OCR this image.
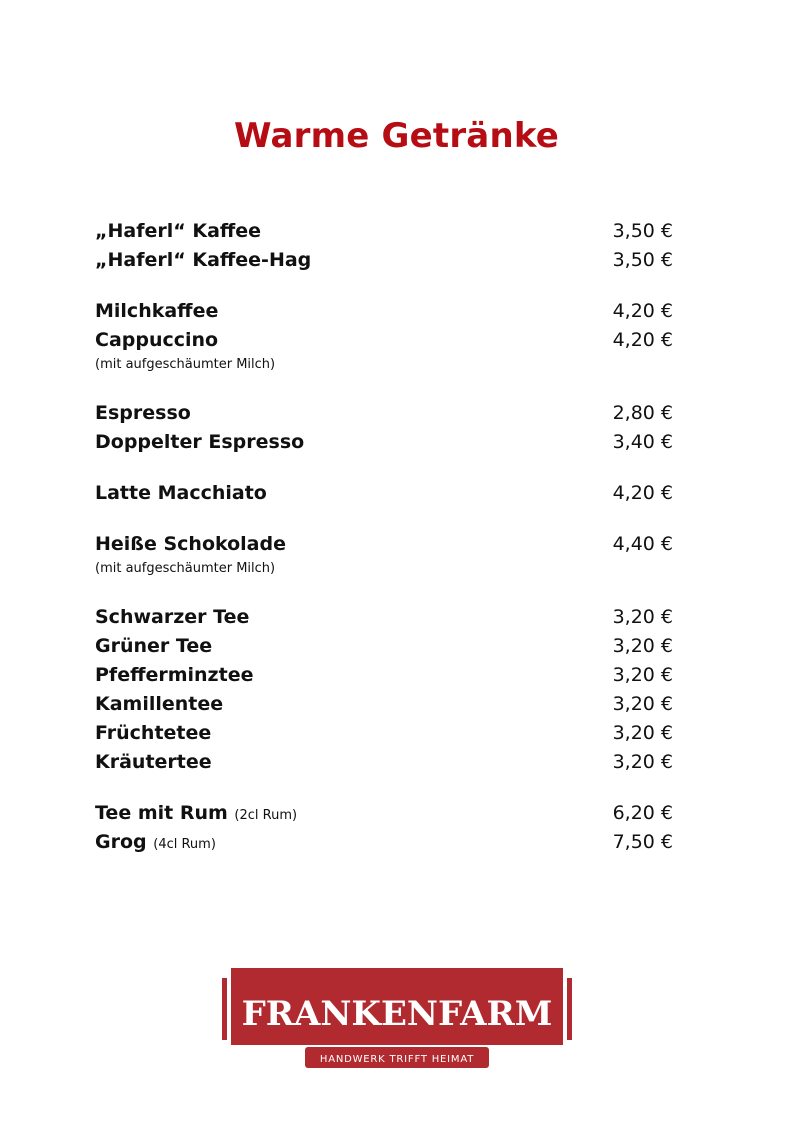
Warme Getränke
„Haferl“ Kaffee	3,50 €
„Haferl“ Kaffee-Hag	3,50 €
Milchkaffee	4,20 €
Cappuccino	4,20 €
(mit aufgeschäumter Milch)
Espresso	2,80 €
Doppelter Espresso	3,40 €
Latte Macchiato	4,20 €
Heiße Schokolade	4,40 €
(mit aufgeschäumter Milch)
Schwarzer Tee	3,20 €
Grüner Tee	3,20 €
Pfefferminztee	3,20 €
Kamillentee	3,20 €
Früchtetee	3,20 €
Kräutertee	3,20 €
Tee mit Rum (2cl Rum)	6,20 €
Grog (4cl Rum)	7,50 €
FRANKENFARM
HANDWERK TRIFFT HEIMAT
